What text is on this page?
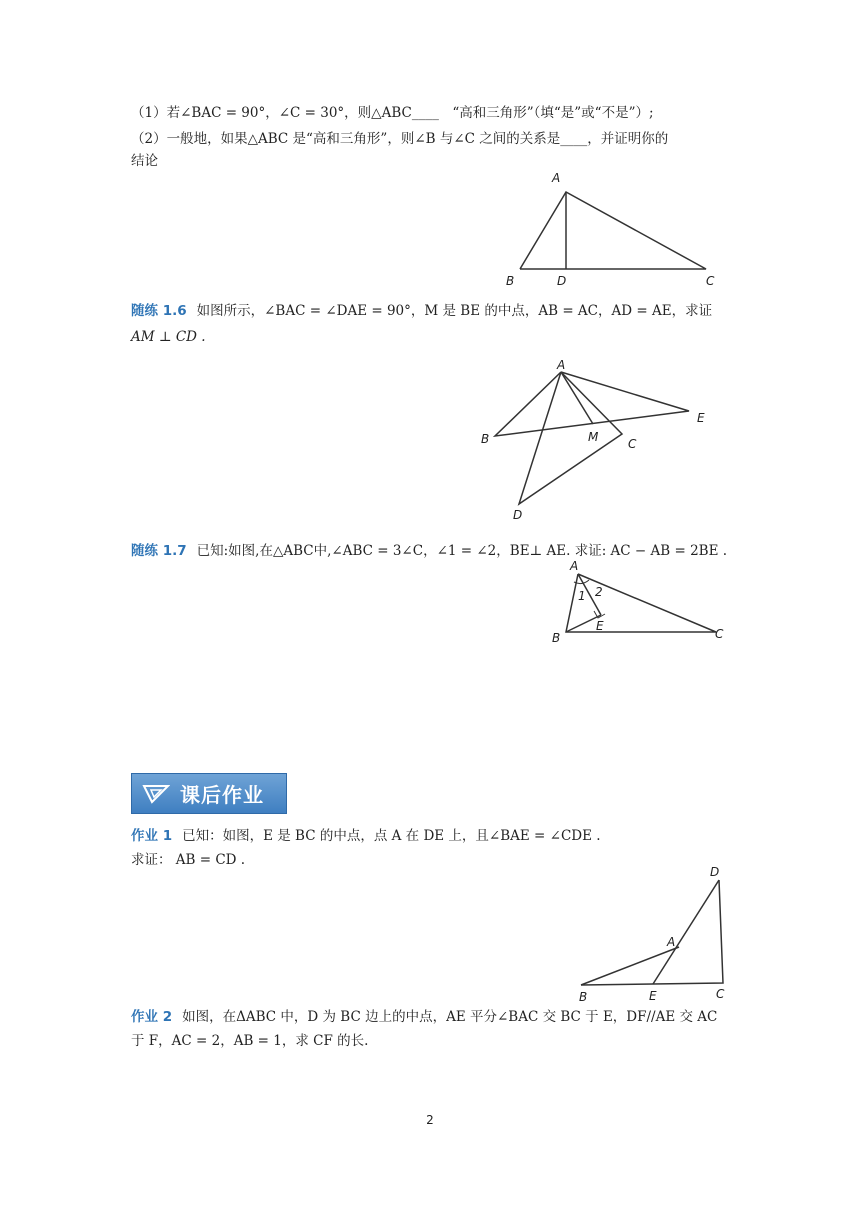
（1）若∠BAC = 90°，∠C = 30°，则△ABC____　“高和三角形”（填“是”或“不是”）;
（2）一般地，如果△ABC 是“高和三角形”，则∠B 与∠C 之间的关系是____，并证明你的
结论
A
B	D	C
随练 1.6 如图所示，∠BAC = ∠DAE = 90°，M 是 BE 的中点，AB = AC，AD = AE，求证
AM ⊥ CD .
A
E
B	M C
D
随练 1.7 已知:如图,在△ABC中,∠ABC = 3∠C，∠1 = ∠2，BE⊥ AE. 求证: AC − AB = 2BE .
A
1 2
E
B	C
课后作业
作业 1 已知：如图，E 是 BC 的中点，点 A 在 DE 上，且∠BAE = ∠CDE .
求证： AB = CD .
D
A
B	E	C
作业 2 如图，在ΔABC 中，D 为 BC 边上的中点，AE 平分∠BAC 交 BC 于 E，DF//AE 交 AC
于 F，AC = 2，AB = 1，求 CF 的长.
2
